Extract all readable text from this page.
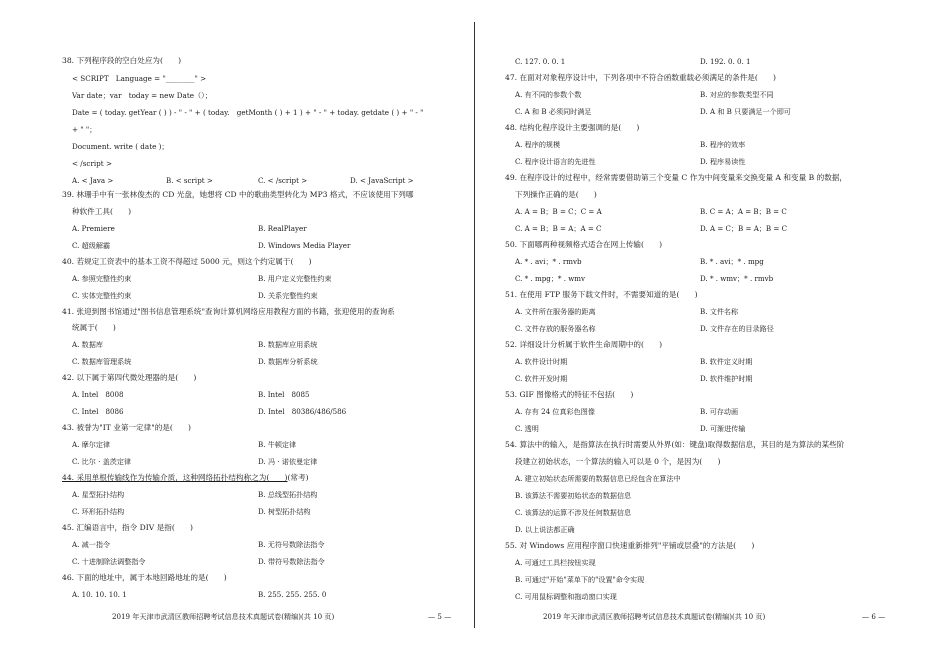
38. 下列程序段的空白处应为(　　)
< SCRIPT　Language = "________" >
Var date；var　today = new Date（）；
Date = ( today. getYear ( ) ) - " - " + ( today.　getMonth ( ) + 1 ) + " - " + today. getdate ( ) + " - "
+ " "；
Document. write ( date )；
< /script >
A. < Java >	B. < script >	C. < /script >	D. < JavaScript >
39. 林珊手中有一张林俊杰的 CD 光盘，她想将 CD 中的歌曲类型转化为 MP3 格式，不应该使用下列哪
种软件工具(　　)
A. Premiere	B. RealPlayer
C. 超级解霸	D. Windows Media Player
40. 若规定工资表中的基本工资不得超过 5000 元，则这个约定属于(　　)
A. 参照完整性约束	B. 用户定义完整性约束
C. 实体完整性约束	D. 关系完整性约束
41. 张迎到图书馆通过"图书信息管理系统"查询计算机网络应用教程方面的书籍，张迎使用的查询系
统属于(　　)
A. 数据库	B. 数据库应用系统
C. 数据库管理系统	D. 数据库分析系统
42. 以下属于第四代微处理器的是(　　)
A. Intel　8008	B. Intel　8085
C. Intel　8086	D. Intel　80386/486/586
43. 被誉为"IT 业第一定律"的是(　　)
A. 摩尔定律	B. 牛顿定律
C. 比尔 · 盖茨定律	D. 冯 · 诺依曼定律
44. 采用单根传输线作为传输介质，这种网络拓扑结构称之为(　　)(常考)
A. 星型拓扑结构	B. 总线型拓扑结构
C. 环形拓扑结构	D. 树型拓扑结构
45. 汇编语言中，指令 DIV 是指(　　)
A. 减一指令	B. 无符号数除法指令
C. 十进制除法调整指令	D. 带符号数除法指令
46. 下面的地址中，属于本地回路地址的是(　　)
A. 10. 10. 10. 1	B. 255. 255. 255. 0
2019 年天津市武清区教师招聘考试信息技术真题试卷(精编)(共 10 页)	— 5 —
C. 127. 0. 0. 1	D. 192. 0. 0. 1
47. 在面对对象程序设计中，下列各项中不符合函数重载必须满足的条件是(　　)
A. 有不同的参数个数	B. 对应的参数类型不同
C. A 和 B 必须同时满足	D. A 和 B 只要满足一个即可
48. 结构化程序设计主要强调的是(　　)
A. 程序的规模	B. 程序的效率
C. 程序设计语言的先进性	D. 程序易读性
49. 在程序设计的过程中，经常需要借助第三个变量 C 作为中间变量来交换变量 A 和变量 B 的数据，
下列操作正确的是(　　)
A. A = B；B = C；C = A	B. C = A；A = B；B = C
C. A = B；B = A；A = C	D. A = C；B = A；B = C
50. 下面哪两种视频格式适合在网上传输(　　)
A. * . avi；* . rmvb	B. * . avi；* . mpg
C. * . mpg；* . wmv	D. * . wmv；* . rmvb
51. 在使用 FTP 服务下载文件时，不需要知道的是(　　)
A. 文件所在服务器的距离	B. 文件名称
C. 文件存放的服务器名称	D. 文件存在的目录路径
52. 详细设计分析属于软件生命周期中的(　　)
A. 软件设计时期	B. 软件定义时期
C. 软件开发时期	D. 软件维护时期
53. GIF 图像格式的特征不包括(　　)
A. 存有 24 位真彩色图像	B. 可存动画
C. 透明	D. 可渐进传输
54. 算法中的输入，是指算法在执行时需要从外界(如：键盘)取得数据信息，其目的是为算法的某些阶
段建立初始状态，一个算法的输入可以是 0 个，是因为(　　)
A. 建立初始状态所需要的数据信息已经包含在算法中
B. 该算法不需要初始状态的数据信息
C. 该算法的运算不涉及任何数据信息
D. 以上说法都正确
55. 对 Windows 应用程序窗口快速重新排列"平铺或层叠"的方法是(　　)
A. 可通过工具栏按钮实现
B. 可通过"开始"菜单下的"设置"命令实现
C. 可用鼠标调整和拖动窗口实现
2019 年天津市武清区教师招聘考试信息技术真题试卷(精编)(共 10 页)	— 6 —
